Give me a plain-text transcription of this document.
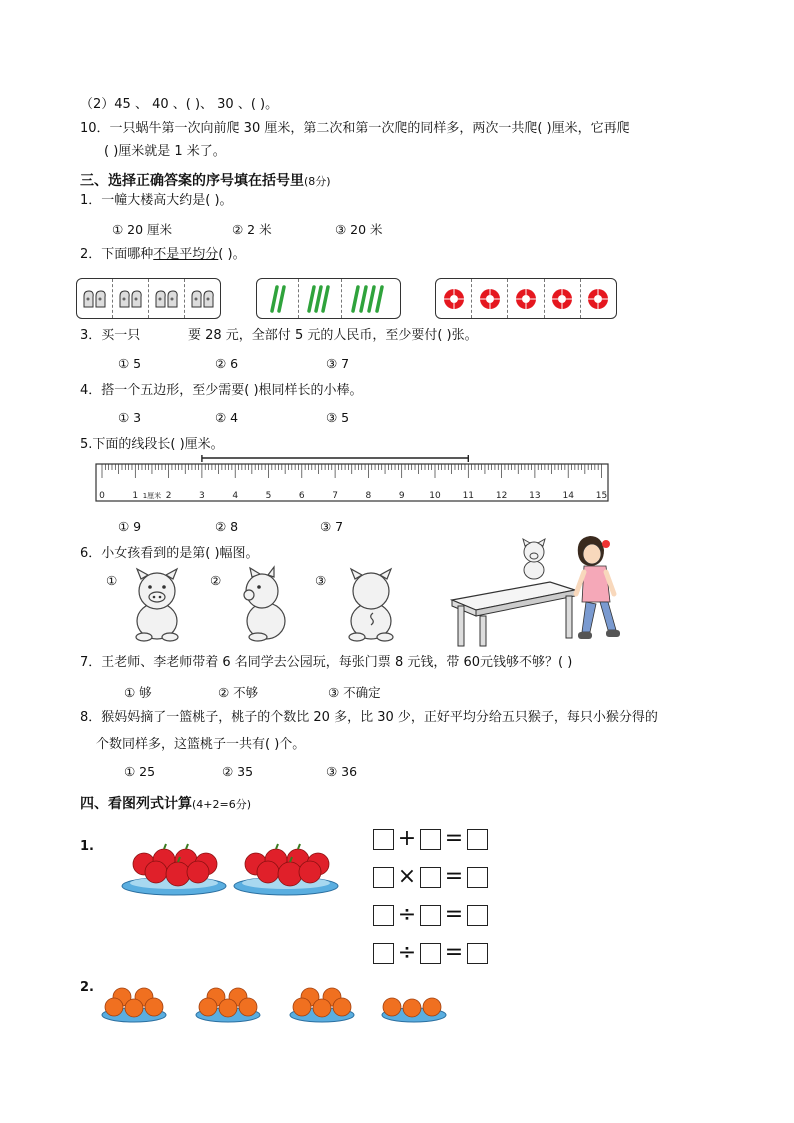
（2）45 、 40 、( )、 30 、( )。
10．一只蜗牛第一次向前爬 30 厘米，第二次和第一次爬的同样多，两次一共爬( )厘米，它再爬
( )厘米就是 1 米了。
三、选择正确答案的序号填在括号里(8分)
1．一幢大楼高大约是( )。
① 20 厘米	② 2 米	③ 20 米
2．下面哪种不是平均分( )。
3．买一只	要 28 元，全部付 5 元的人民币，至少要付( )张。
① 5	② 6	③ 7
4．搭一个五边形，至少需要( )根同样长的小棒。
① 3	② 4	③ 5
5.下面的线段长( )厘米。
0	1	2	3	4	5	6	7	8	9	10 11 12 13 14 15
1厘米
① 9	② 8	③ 7
6．小女孩看到的是第( )幅图。
①	②	③
7．王老师、李老师带着 6 名同学去公园玩，每张门票 8 元钱，带 60元钱够不够？( )
① 够	② 不够	③ 不确定
8．猴妈妈摘了一篮桃子，桃子的个数比 20 多，比 30 少，正好平均分给五只猴子，每只小猴分得的
个数同样多，这篮桃子一共有( )个。
① 25	② 35	③ 36
四、看图列式计算(4+2=6分)
1.	+ =
× =
÷ =
÷ =
2.
